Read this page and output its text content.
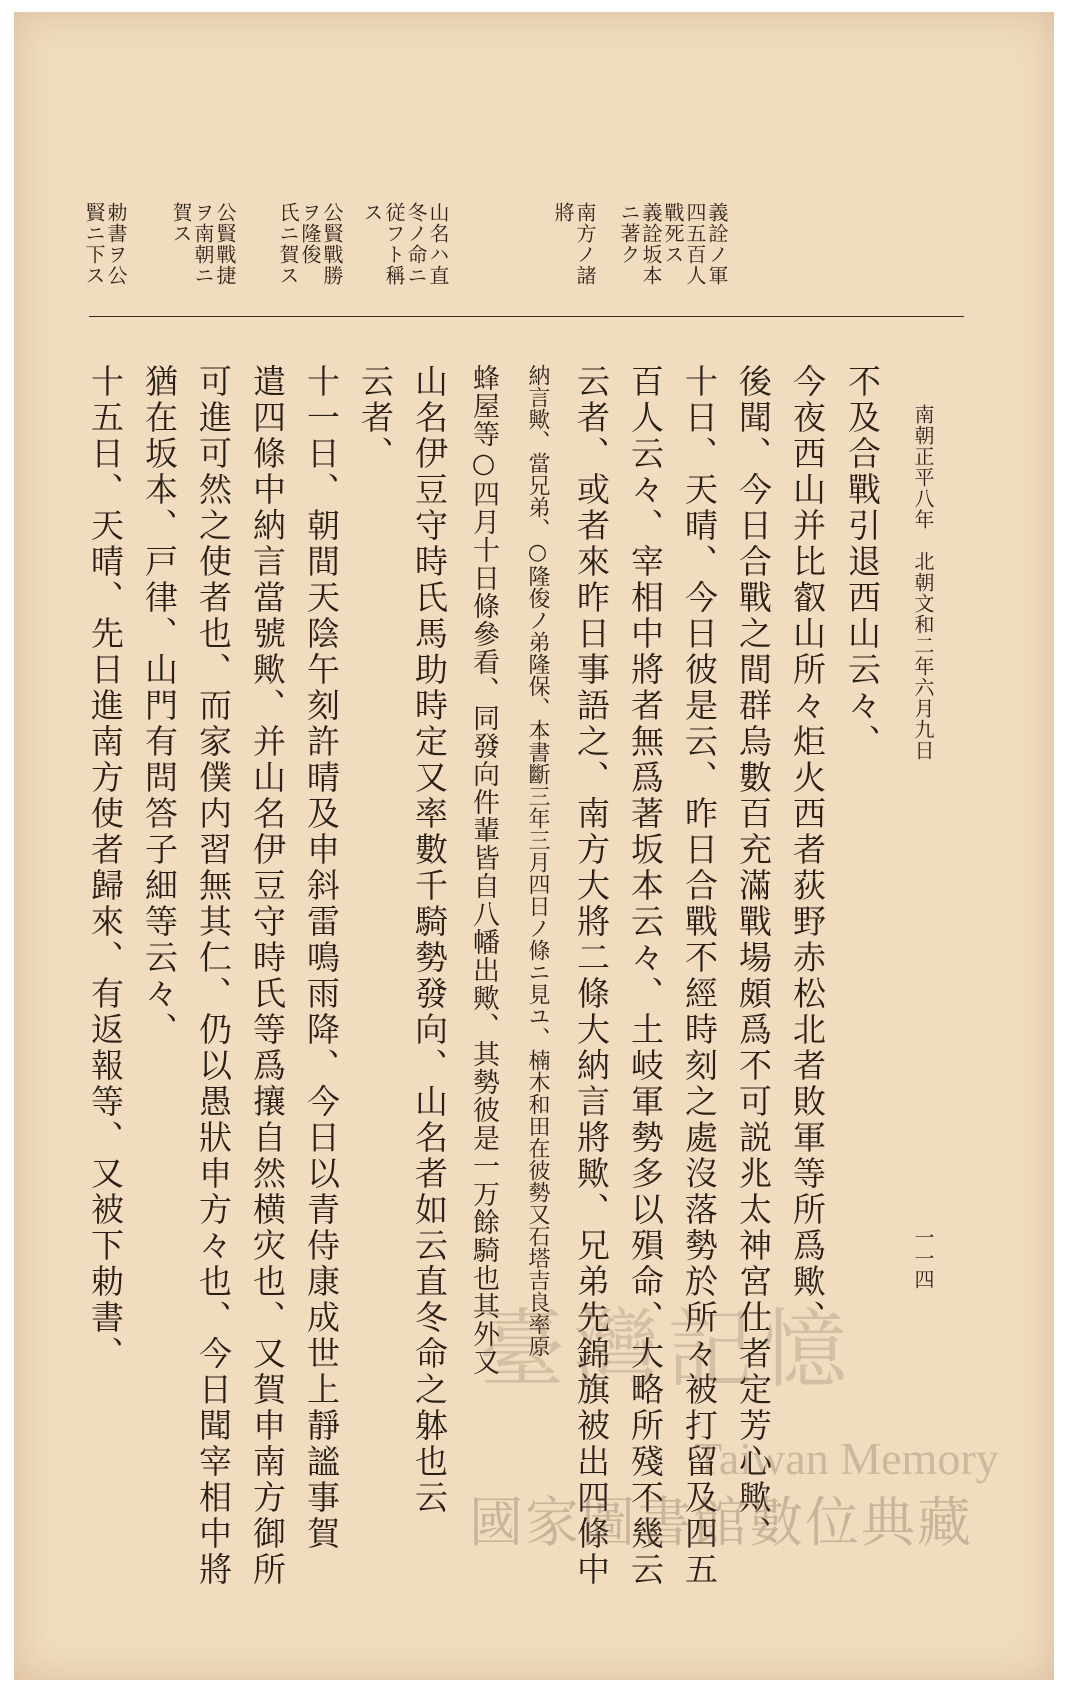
南朝正平八年　北朝文和二年六月九日
一一四
義詮ノ軍
四五百人
戰死ス
義詮坂本
ニ著ク
南方ノ諸
將
山名ハ直
冬ノ命ニ
従フト稱
ス
公賢戰勝
ヲ隆俊
氏ニ賀ス
公賢戰捷
ヲ南朝ニ
賀ス
勅書ヲ公
賢ニ下ス
不及合戰引退西山云々、
今夜西山并比叡山所々炬火西者荻野赤松北者敗軍等所爲歟、
後聞、今日合戰之間群烏數百充滿戰場頗爲不可説兆太神宮仕者定芳心歟、
十日、天晴、今日彼是云、昨日合戰不經時刻之處沒落勢於所々被打留及四五
百人云々、宰相中將者無爲著坂本云々、土岐軍勢多以殞命、大略所殘不幾云
云者、或者來昨日事語之、南方大將二條大納言將歟、兄弟先錦旗被出四條中
納言歟、當兄弟、○隆俊ノ弟隆保、本書斷三年三月四日ノ條ニ見ユ、楠木和田在彼勢又石塔吉良率原
蜂屋等○四月十日條參看、同發向件輩皆自八幡出歟、其勢彼是一万餘騎也其外又
山名伊豆守時氏馬助時定又率數千騎勢發向、山名者如云直冬命之躰也云
云者、
十一日、朝間天陰午刻許晴及申斜雷鳴雨降、今日以青侍康成世上靜謐事賀
遣四條中納言當號歟、并山名伊豆守時氏等爲攘自然横灾也、又賀申南方御所
可進可然之使者也、而家僕内習無其仁、仍以愚狀申方々也、今日聞宰相中將
猶在坂本、戸律、山門有問答子細等云々、
十五日、天晴、先日進南方使者歸來、有返報等、又被下勅書、	臺灣記憶
Taiwan Memory
國家圖書館數位典藏
